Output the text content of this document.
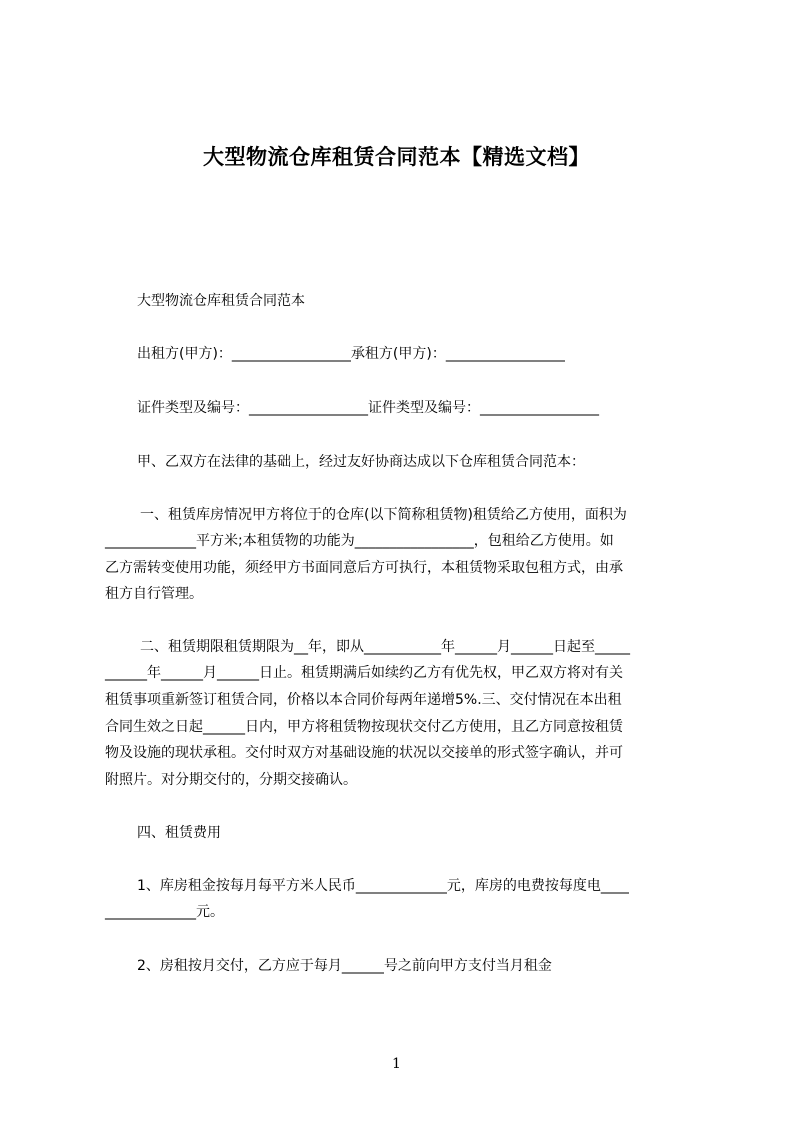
大型物流仓库租赁合同范本【精选文档】

大型物流仓库租赁合同范本

出租方(甲方)：_________________承租方(甲方)：_________________

证件类型及编号：_________________证件类型及编号：_________________

甲、乙双方在法律的基础上，经过友好协商达成以下仓库租赁合同范本：

一、租赁库房情况甲方将位于的仓库(以下简称租赁物)租赁给乙方使用，面积为

_____________平方米;本租赁物的功能为_________________，包租给乙方使用。如

乙方需转变使用功能，须经甲方书面同意后方可执行，本租赁物采取包租方式，由承

租方自行管理。

二、租赁期限租赁期限为__年，即从___________年______月______日起至_____

______年______月______日止。租赁期满后如续约乙方有优先权，甲乙双方将对有关

租赁事项重新签订租赁合同，价格以本合同价每两年递增5%.三、交付情况在本出租

合同生效之日起______日内，甲方将租赁物按现状交付乙方使用，且乙方同意按租赁

物及设施的现状承租。交付时双方对基础设施的状况以交接单的形式签字确认，并可

附照片。对分期交付的，分期交接确认。

四、租赁费用

1、库房租金按每月每平方米人民币_____________元，库房的电费按每度电____

_____________元。

2、房租按月交付，乙方应于每月______号之前向甲方支付当月租金

1
